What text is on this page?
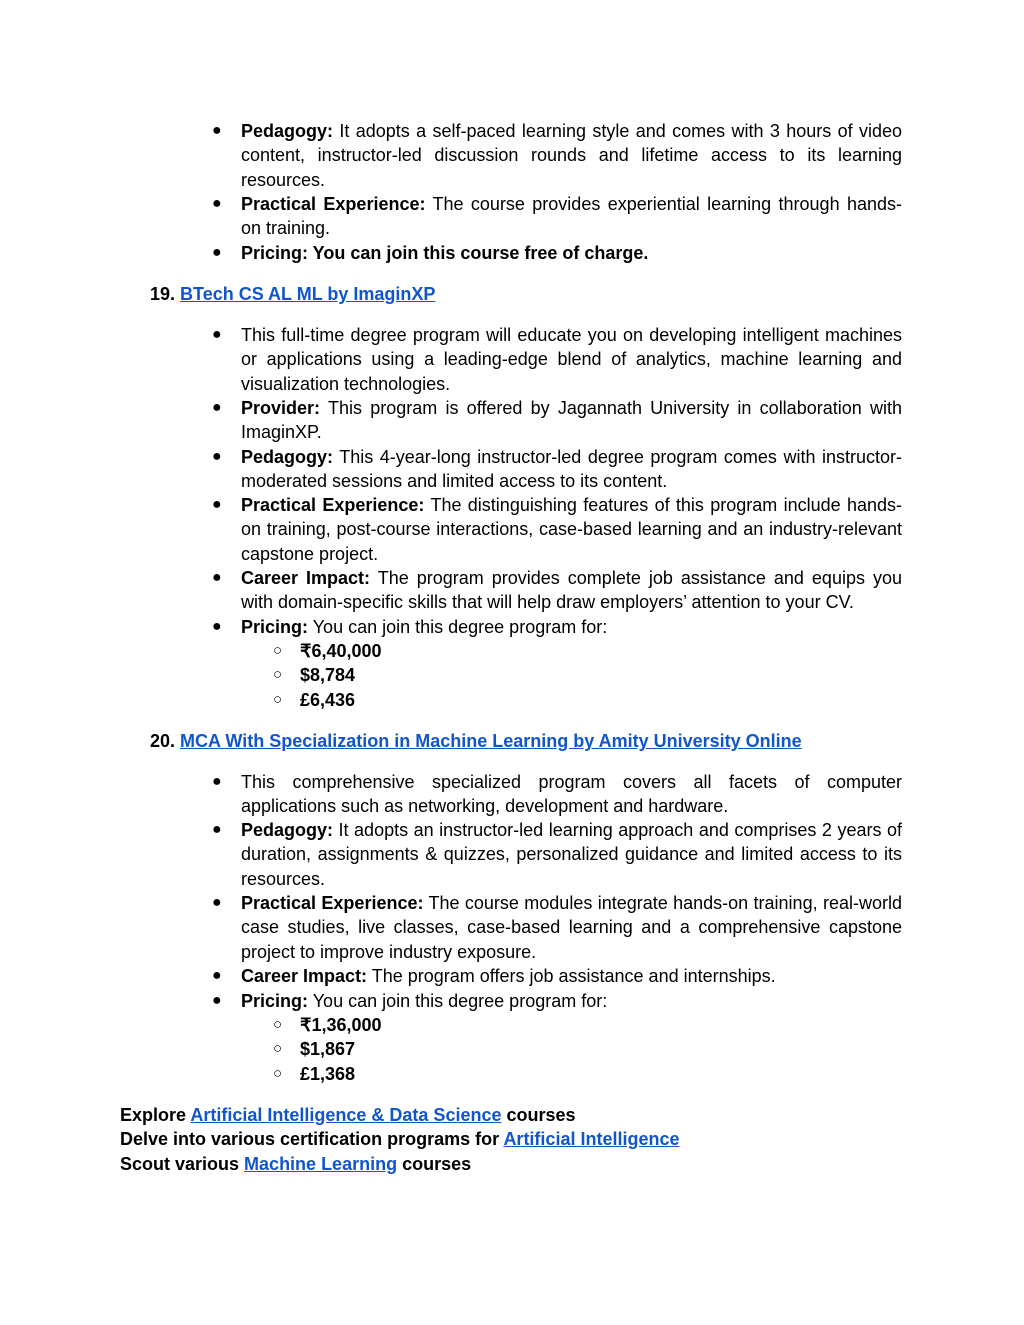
● Pedagogy: It adopts a self-paced learning style and comes with 3 hours of video content, instructor-led discussion rounds and lifetime access to its learning resources.
● Practical Experience: The course provides experiential learning through hands-on training.
● Pricing: You can join this course free of charge.
19. BTech CS AL ML by ImaginXP
● This full-time degree program will educate you on developing intelligent machines or applications using a leading-edge blend of analytics, machine learning and visualization technologies.
● Provider: This program is offered by Jagannath University in collaboration with ImaginXP.
● Pedagogy: This 4-year-long instructor-led degree program comes with instructor-moderated sessions and limited access to its content.
● Practical Experience: The distinguishing features of this program include hands-on training, post-course interactions, case-based learning and an industry-relevant capstone project.
● Career Impact: The program provides complete job assistance and equips you with domain-specific skills that will help draw employers’ attention to your CV.
● Pricing: You can join this degree program for:
○ ₹6,40,000
○ $8,784
○ £6,436
20. MCA With Specialization in Machine Learning by Amity University Online
● This comprehensive specialized program covers all facets of computer applications such as networking, development and hardware.
● Pedagogy: It adopts an instructor-led learning approach and comprises 2 years of duration, assignments & quizzes, personalized guidance and limited access to its resources.
● Practical Experience: The course modules integrate hands-on training, real-world case studies, live classes, case-based learning and a comprehensive capstone project to improve industry exposure.
● Career Impact: The program offers job assistance and internships.
● Pricing: You can join this degree program for:
○ ₹1,36,000
○ $1,867
○ £1,368
Explore Artificial Intelligence & Data Science courses
Delve into various certification programs for Artificial Intelligence
Scout various Machine Learning courses
